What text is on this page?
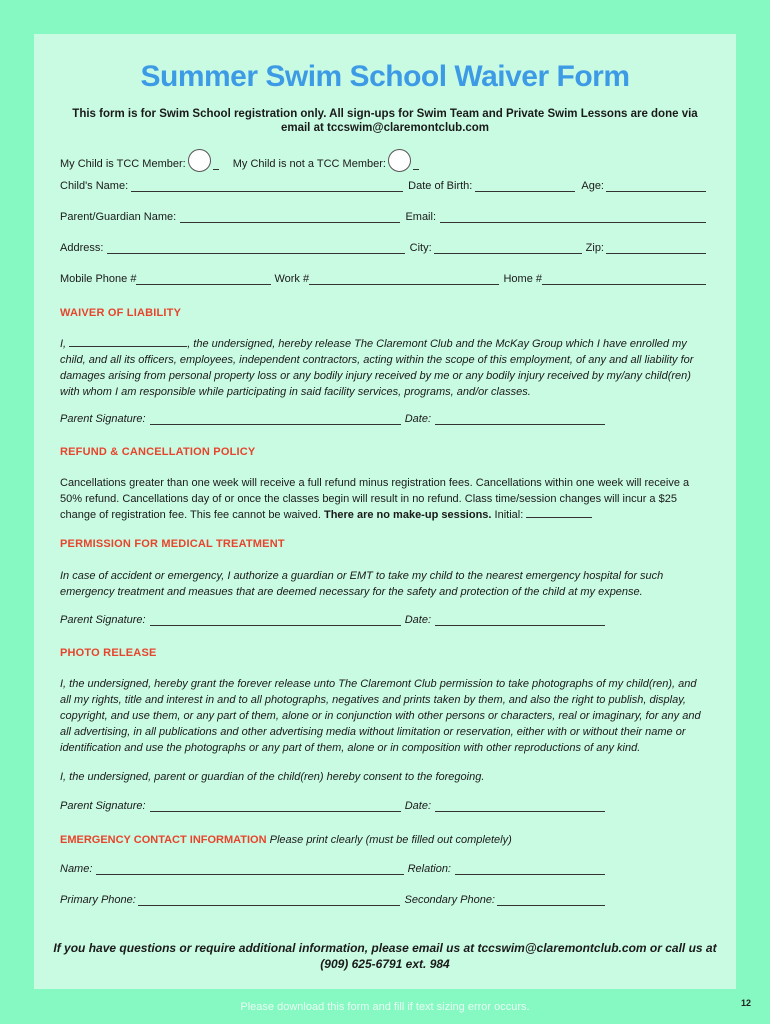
Summer Swim School Waiver Form
This form is for Swim School registration only. All sign-ups for Swim Team and Private Swim Lessons are done via email at tccswim@claremontclub.com
My Child is TCC Member:	My Child is not a TCC Member:
Child's Name:	Date of Birth:	Age:
Parent/Guardian Name:	Email:
Address:	City:	Zip:
Mobile Phone #	Work #	Home #
WAIVER OF LIABILITY
I,	, the undersigned, hereby release The Claremont Club and the McKay Group which I have enrolled my child, and all its officers, employees, independent contractors, acting within the scope of this employment, of any and all liability for damages arising from personal property loss or any bodily injury received by me or any bodily injury received by my/any child(ren) with whom I am responsible while participating in said facility services, programs, and/or classes.
Parent Signature:	Date:
REFUND & CANCELLATION POLICY
Cancellations greater than one week will receive a full refund minus registration fees. Cancellations within one week will receive a 50% refund. Cancellations day of or once the classes begin will result in no refund. Class time/session changes will incur a $25 change of registration fee. This fee cannot be waived. There are no make-up sessions. Initial:
PERMISSION FOR MEDICAL TREATMENT
In case of accident or emergency, I authorize a guardian or EMT to take my child to the nearest emergency hospital for such emergency treatment and measues that are deemed necessary for the safety and protection of the child at my expense.
Parent Signature:	Date:
PHOTO RELEASE
I, the undersigned, hereby grant the forever release unto The Claremont Club permission to take photographs of my child(ren), and all my rights, title and interest in and to all photographs, negatives and prints taken by them, and also the right to publish, display, copyright, and use them, or any part of them, alone or in conjunction with other persons or characters, real or imaginary, for any and all advertising, in all publications and other advertising media without limitation or reservation, either with or without their name or identification and use the photographs or any part of them, alone or in composition with other reproductions of any kind.
I, the undersigned, parent or guardian of the child(ren) hereby consent to the foregoing.
Parent Signature:	Date:
EMERGENCY CONTACT INFORMATION Please print clearly (must be filled out completely)
Name:	Relation:
Primary Phone:	Secondary Phone:
If you have questions or require additional information, please email us at tccswim@claremontclub.com or call us at (909) 625-6791 ext. 984
Please download this form and fill if text sizing error occurs.	12
